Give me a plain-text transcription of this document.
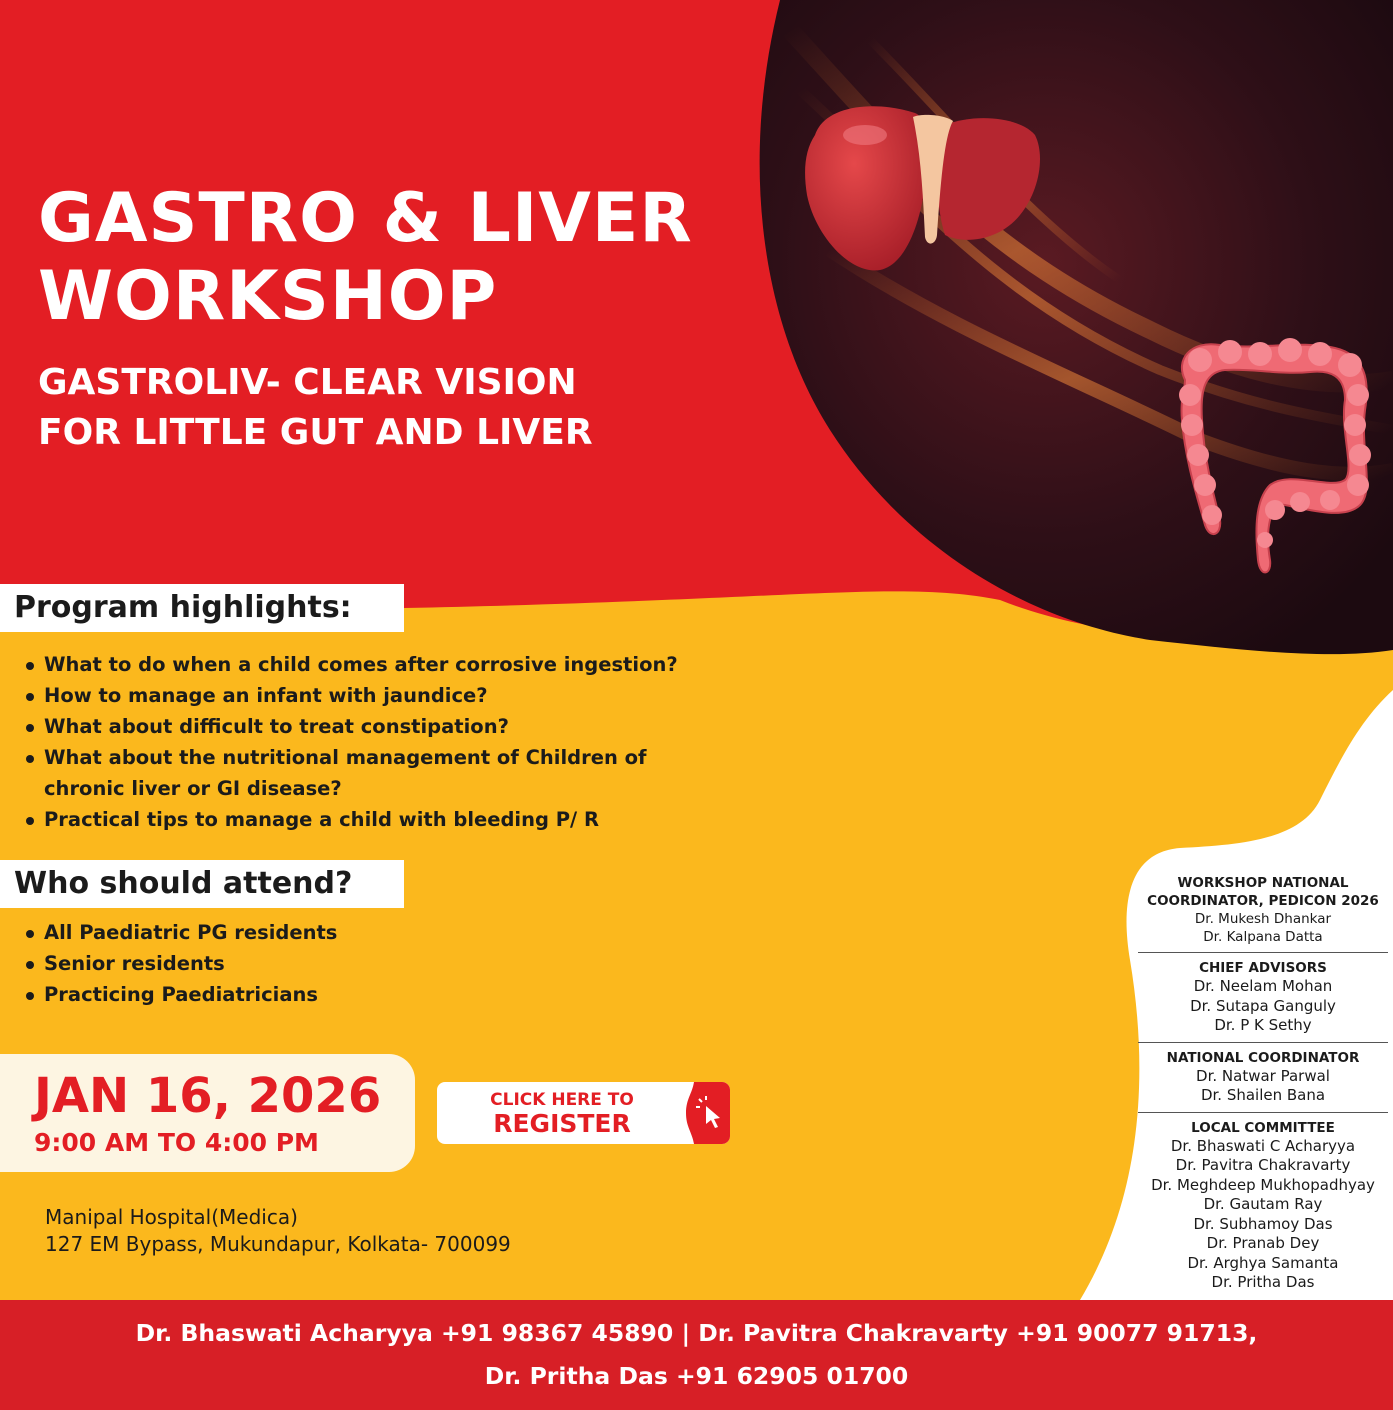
GASTRO & LIVER
WORKSHOP
GASTROLIV- CLEAR VISION
FOR LITTLE GUT AND LIVER
Program highlights:
What to do when a child comes after corrosive ingestion?
How to manage an infant with jaundice?
What about difficult to treat constipation?
What about the nutritional management of Children of chronic liver or GI disease?
Practical tips to manage a child with bleeding P/ R
Who should attend?
All Paediatric PG residents
Senior residents
Practicing Paediatricians

JAN 16, 2026

9:00 AM TO 4:00 PM

CLICK HERE TO
REGISTER
Manipal Hospital(Medica)
127 EM Bypass, Mukundapur, Kolkata- 700099
WORKSHOP NATIONAL
COORDINATOR, PEDICON 2026
Dr. Mukesh Dhankar
Dr. Kalpana Datta
CHIEF ADVISORS
Dr. Neelam Mohan
Dr. Sutapa Ganguly
Dr. P K Sethy
NATIONAL COORDINATOR
Dr. Natwar Parwal
Dr. Shailen Bana
LOCAL COMMITTEE
Dr. Bhaswati C Acharyya
Dr. Pavitra Chakravarty
Dr. Meghdeep Mukhopadhyay
Dr. Gautam Ray
Dr. Subhamoy Das
Dr. Pranab Dey
Dr. Arghya Samanta
Dr. Pritha Das
Dr. Bhaswati Acharyya +91 98367 45890 | Dr. Pavitra Chakravarty +91 90077 91713,
Dr. Pritha Das +91 62905 01700
